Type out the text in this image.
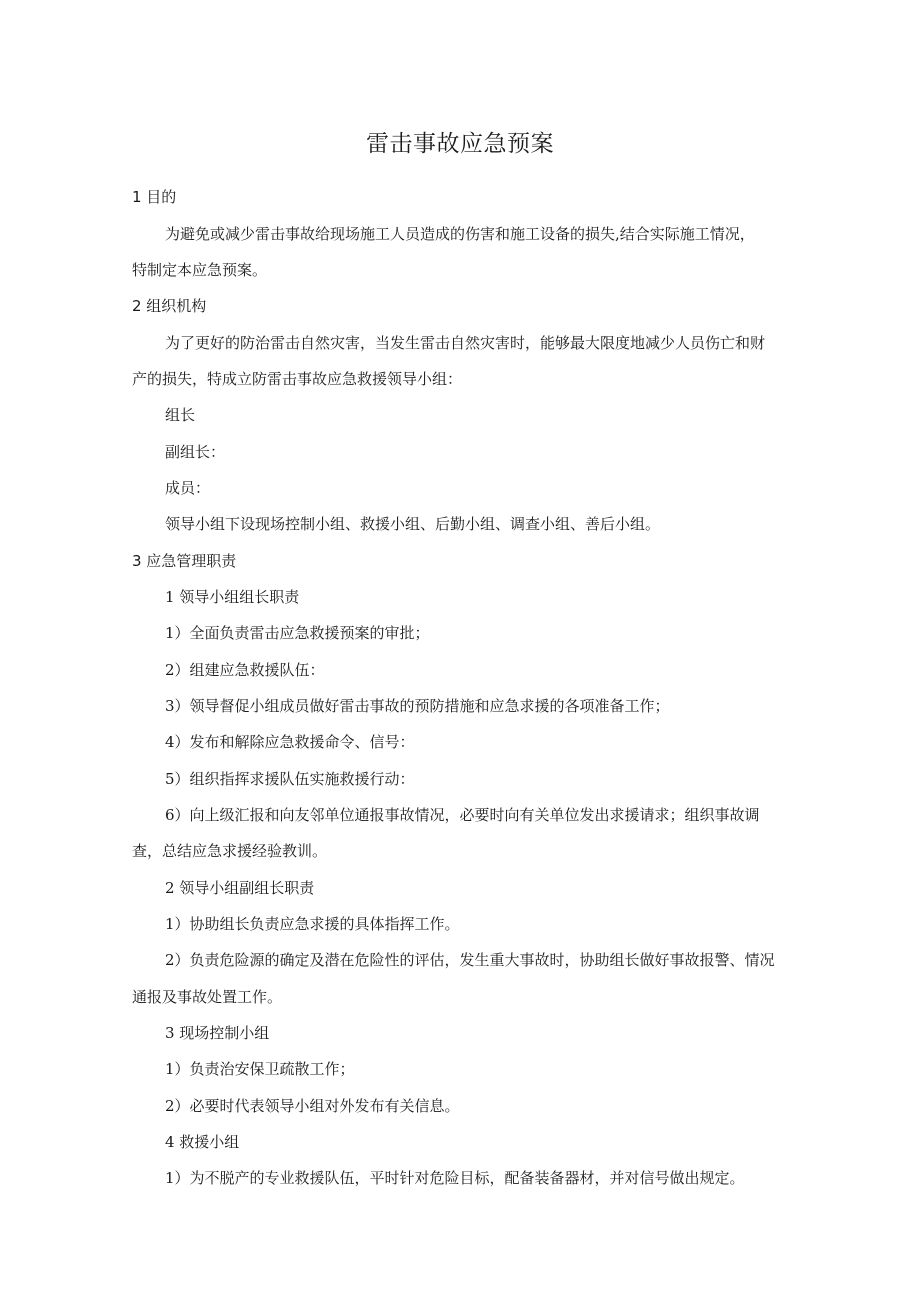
雷击事故应急预案
1 目的
为避免或减少雷击事故给现场施工人员造成的伤害和施工设备的损失,结合实际施工情况，
特制定本应急预案。
2 组织机构
为了更好的防治雷击自然灾害，当发生雷击自然灾害时，能够最大限度地减少人员伤亡和财
产的损失，特成立防雷击事故应急救援领导小组：
组长
副组长：
成员：
领导小组下设现场控制小组、救援小组、后勤小组、调查小组、善后小组。
3 应急管理职责
1 领导小组组长职责
1）全面负责雷击应急救援预案的审批；
2）组建应急救援队伍：
3）领导督促小组成员做好雷击事故的预防措施和应急求援的各项准备工作；
4）发布和解除应急救援命令、信号：
5）组织指挥求援队伍实施救援行动：
6）向上级汇报和向友邻单位通报事故情况，必要时向有关单位发出求援请求；组织事故调
查，总结应急求援经验教训。
2 领导小组副组长职责
1）协助组长负责应急求援的具体指挥工作。
2）负责危险源的确定及潜在危险性的评估，发生重大事故时，协助组长做好事故报警、情况
通报及事故处置工作。
3 现场控制小组
1）负责治安保卫疏散工作；
2）必要时代表领导小组对外发布有关信息。
4 救援小组
1）为不脱产的专业救援队伍，平时针对危险目标，配备装备器材，并对信号做出规定。
